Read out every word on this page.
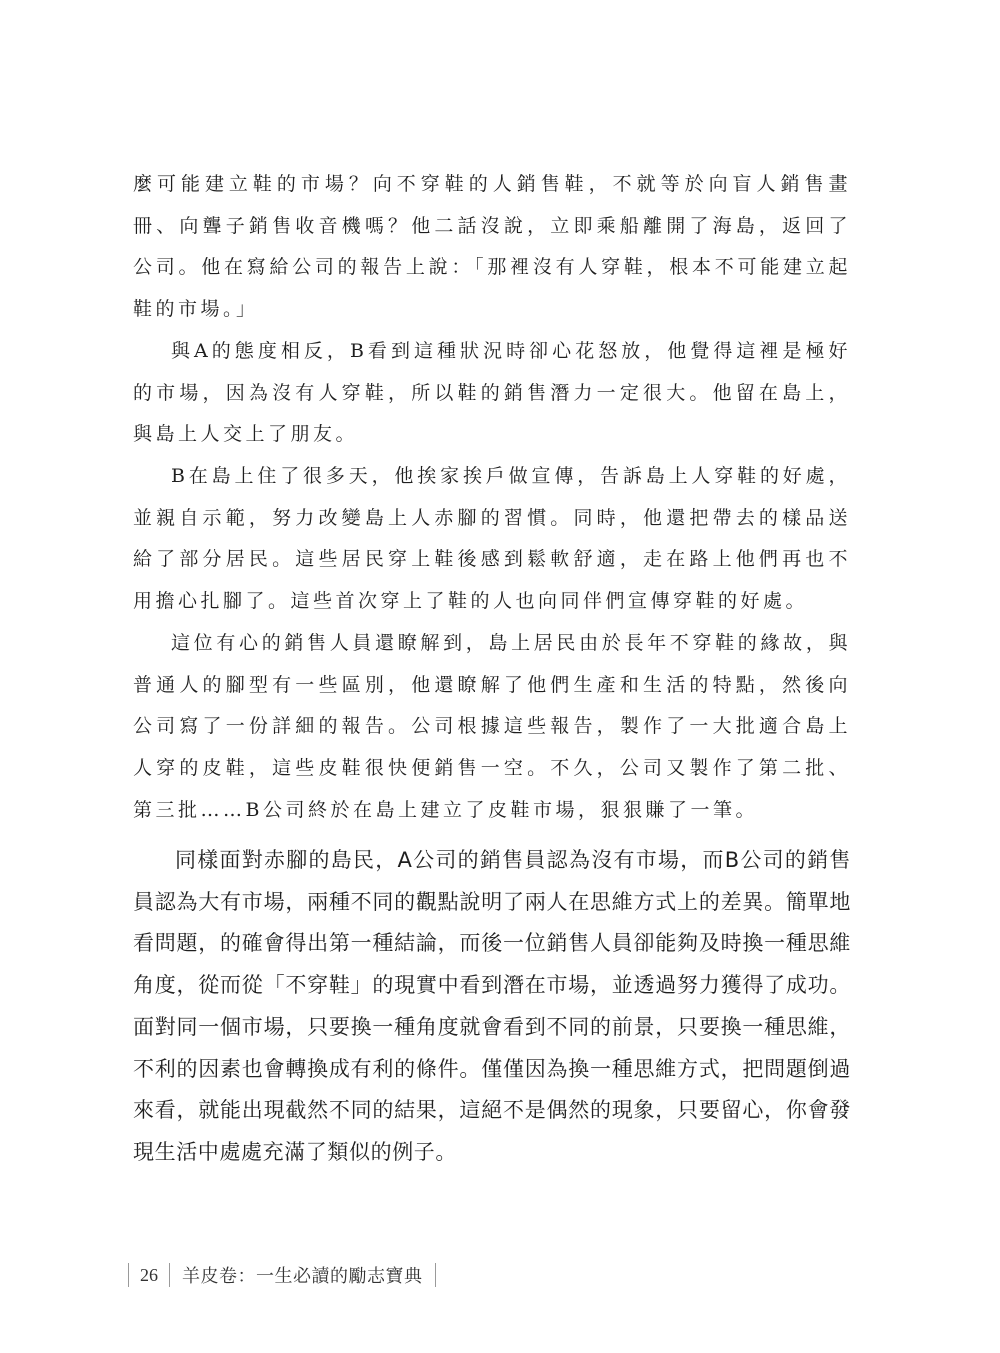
麼可能建立鞋的市場？向不穿鞋的人銷售鞋，不就等於向盲人銷售畫冊、向聾子銷售收音機嗎？他二話沒說，立即乘船離開了海島，返回了公司。他在寫給公司的報告上說：「那裡沒有人穿鞋，根本不可能建立起鞋的市場。」

與A的態度相反，B看到這種狀況時卻心花怒放，他覺得這裡是極好的市場，因為沒有人穿鞋，所以鞋的銷售潛力一定很大。他留在島上，與島上人交上了朋友。

B在島上住了很多天，他挨家挨戶做宣傳，告訴島上人穿鞋的好處，並親自示範，努力改變島上人赤腳的習慣。同時，他還把帶去的樣品送給了部分居民。這些居民穿上鞋後感到鬆軟舒適，走在路上他們再也不用擔心扎腳了。這些首次穿上了鞋的人也向同伴們宣傳穿鞋的好處。

這位有心的銷售人員還瞭解到，島上居民由於長年不穿鞋的緣故，與普通人的腳型有一些區別，他還瞭解了他們生產和生活的特點，然後向公司寫了一份詳細的報告。公司根據這些報告，製作了一大批適合島上人穿的皮鞋，這些皮鞋很快便銷售一空。不久，公司又製作了第二批、第三批……B公司終於在島上建立了皮鞋市場，狠狠賺了一筆。

同樣面對赤腳的島民，A公司的銷售員認為沒有市場，而B公司的銷售員認為大有市場，兩種不同的觀點說明了兩人在思維方式上的差異。簡單地看問題，的確會得出第一種結論，而後一位銷售人員卻能夠及時換一種思維角度，從而從「不穿鞋」的現實中看到潛在市場，並透過努力獲得了成功。面對同一個市場，只要換一種角度就會看到不同的前景，只要換一種思維，不利的因素也會轉換成有利的條件。僅僅因為換一種思維方式，把問題倒過來看，就能出現截然不同的結果，這絕不是偶然的現象，只要留心，你會發現生活中處處充滿了類似的例子。

26 羊皮卷：一生必讀的勵志寶典
